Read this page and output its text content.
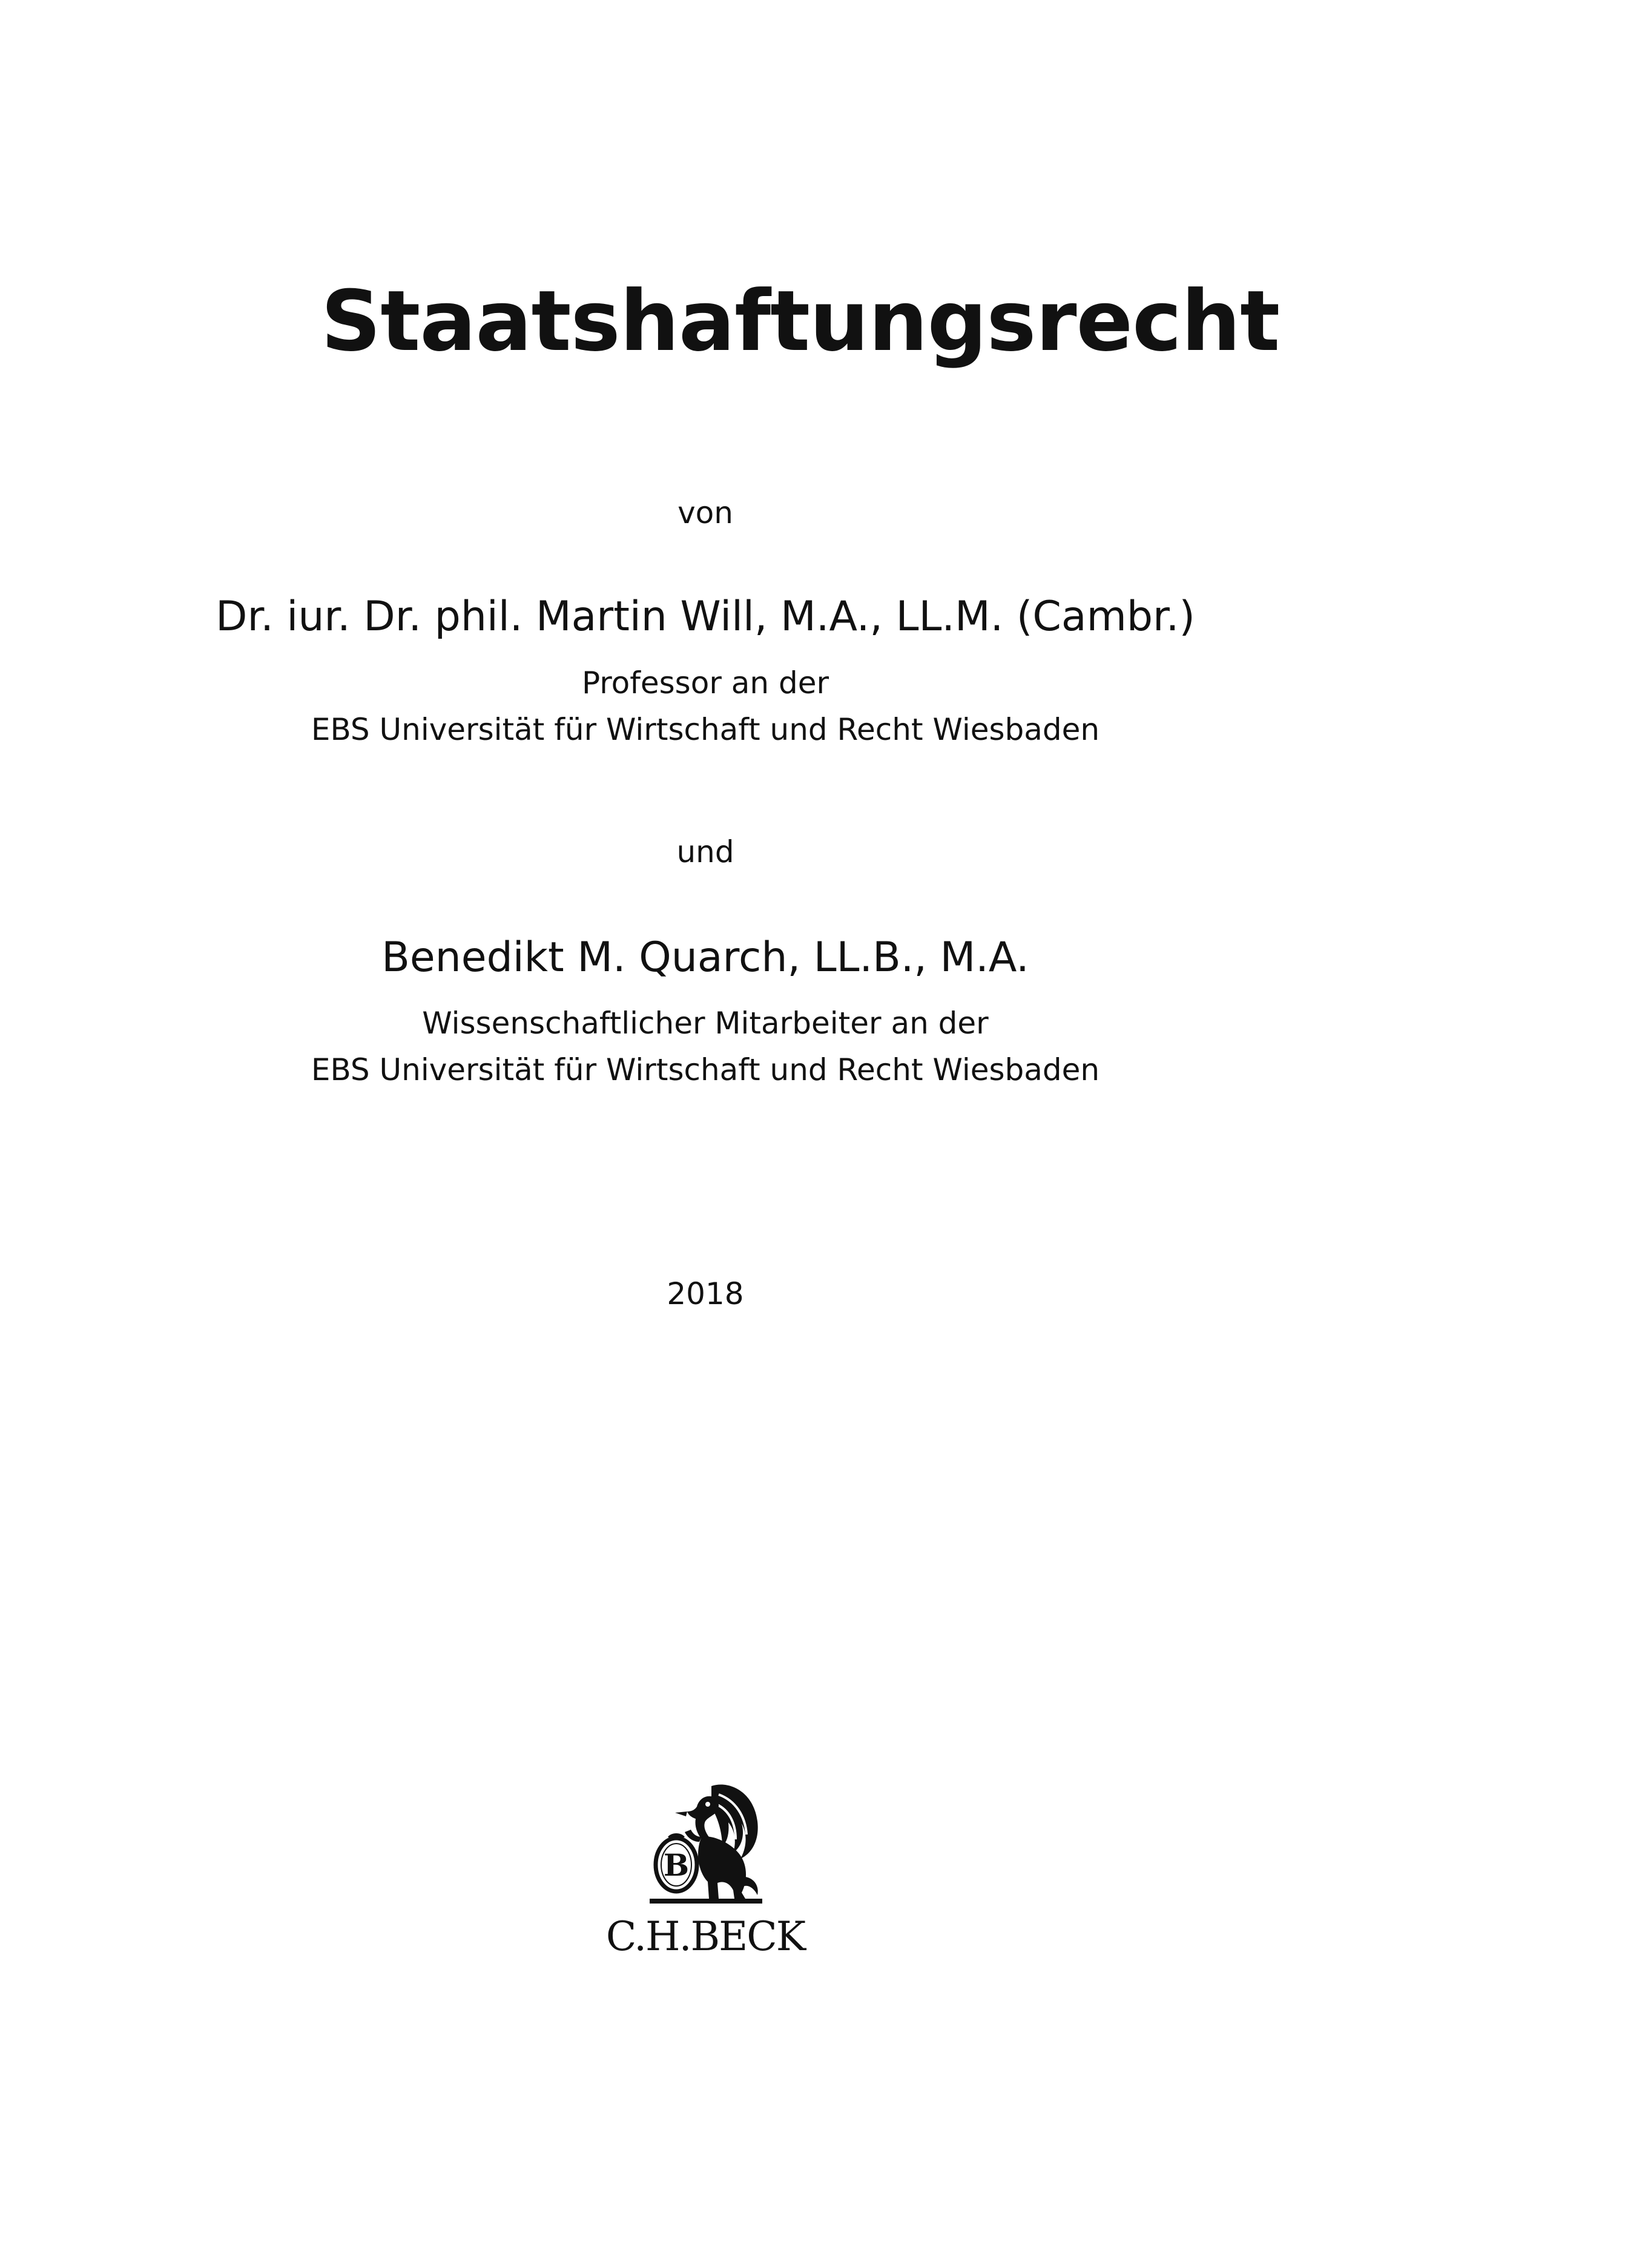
Staatshaftungsrecht
von
Dr. iur. Dr. phil. Martin Will, M.A., LL.M. (Cambr.)
Professor an der
EBS Universität für Wirtschaft und Recht Wiesbaden
und
Benedikt M. Quarch, LL.B., M.A.
Wissenschaftlicher Mitarbeiter an der
EBS Universität für Wirtschaft und Recht Wiesbaden
2018
B
C.H.BECK
